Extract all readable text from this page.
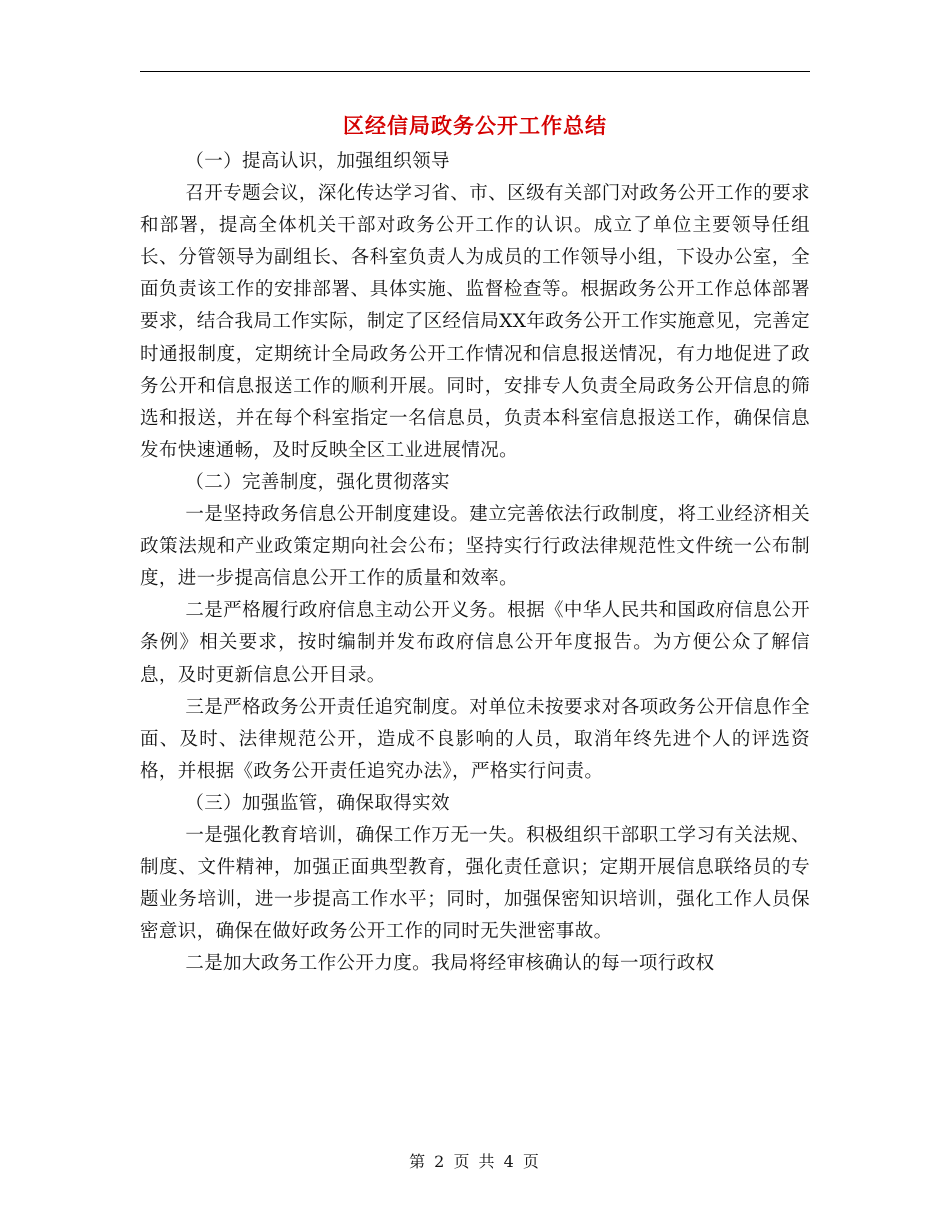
区经信局政务公开工作总结

（一）提高认识，加强组织领导

召开专题会议，深化传达学习省、市、区级有关部门对政务公开工作的要求和部署，提高全体机关干部对政务公开工作的认识。成立了单位主要领导任组长、分管领导为副组长、各科室负责人为成员的工作领导小组，下设办公室，全面负责该工作的安排部署、具体实施、监督检查等。根据政务公开工作总体部署要求，结合我局工作实际，制定了区经信局XX年政务公开工作实施意见，完善定时通报制度，定期统计全局政务公开工作情况和信息报送情况，有力地促进了政务公开和信息报送工作的顺利开展。同时，安排专人负责全局政务公开信息的筛选和报送，并在每个科室指定一名信息员，负责本科室信息报送工作，确保信息发布快速通畅，及时反映全区工业进展情况。

（二）完善制度，强化贯彻落实

一是坚持政务信息公开制度建设。建立完善依法行政制度，将工业经济相关政策法规和产业政策定期向社会公布；坚持实行行政法律规范性文件统一公布制度，进一步提高信息公开工作的质量和效率。

二是严格履行政府信息主动公开义务。根据《中华人民共和国政府信息公开条例》相关要求，按时编制并发布政府信息公开年度报告。为方便公众了解信息，及时更新信息公开目录。

三是严格政务公开责任追究制度。对单位未按要求对各项政务公开信息作全面、及时、法律规范公开，造成不良影响的人员，取消年终先进个人的评选资格，并根据《政务公开责任追究办法》，严格实行问责。

（三）加强监管，确保取得实效

一是强化教育培训，确保工作万无一失。积极组织干部职工学习有关法规、制度、文件精神，加强正面典型教育，强化责任意识；定期开展信息联络员的专题业务培训，进一步提高工作水平；同时，加强保密知识培训，强化工作人员保密意识，确保在做好政务公开工作的同时无失泄密事故。

二是加大政务工作公开力度。我局将经审核确认的每一项行政权

第 2 页 共 4 页
